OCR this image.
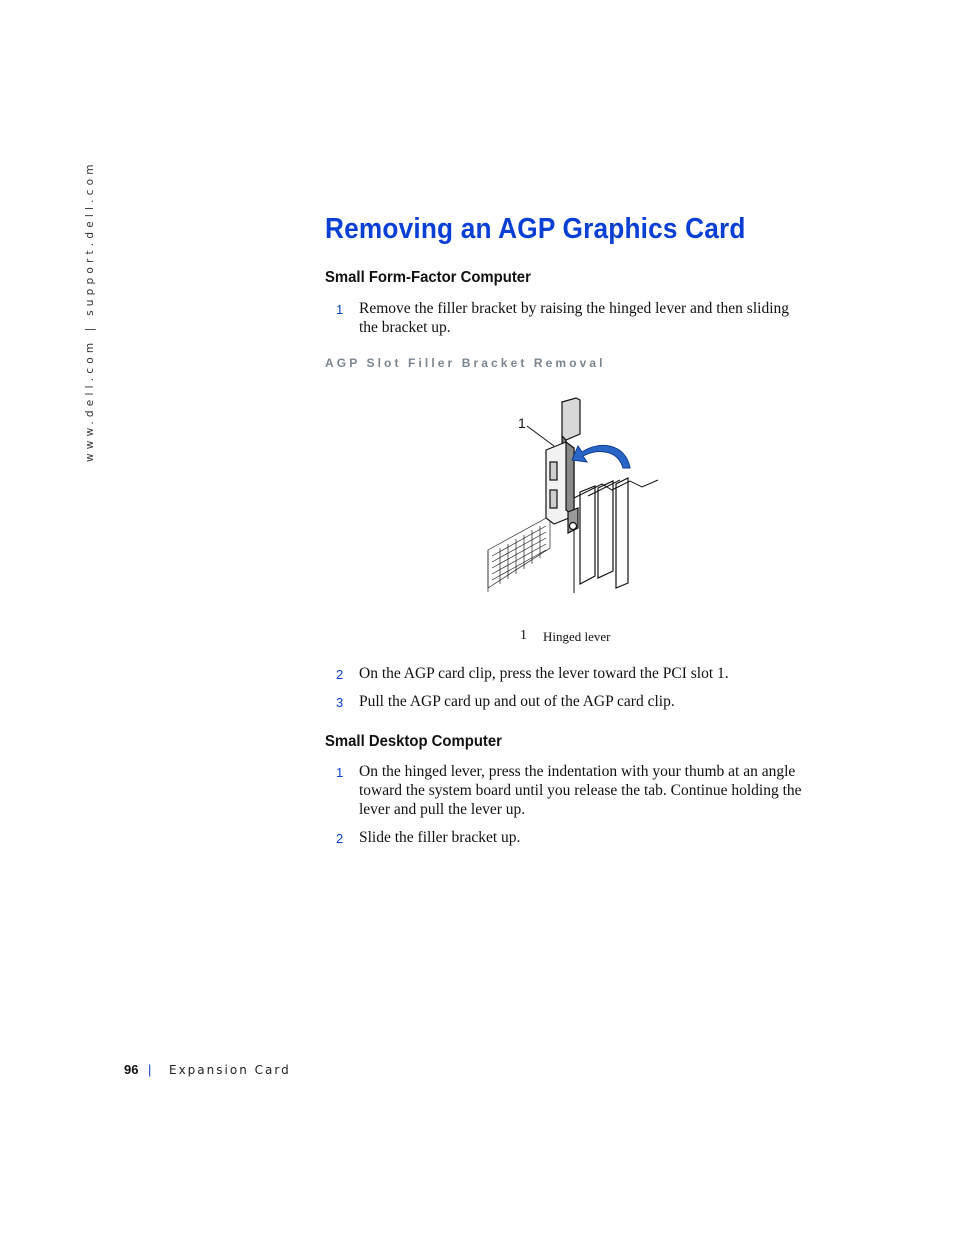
www.dell.com | support.dell.com	Removing an AGP Graphics Card
Small Form-Factor Computer
1 Remove the filler bracket by raising the hinged lever and then sliding the bracket up.
AGP Slot Filler Bracket Removal
1
1 Hinged lever
2 On the AGP card clip, press the lever toward the PCI slot 1.
3 Pull the AGP card up and out of the AGP card clip.
Small Desktop Computer
1 On the hinged lever, press the indentation with your thumb at an angle toward the system board until you release the tab. Continue holding the lever and pull the lever up.
2 Slide the filler bracket up.
96 | Expansion Card
